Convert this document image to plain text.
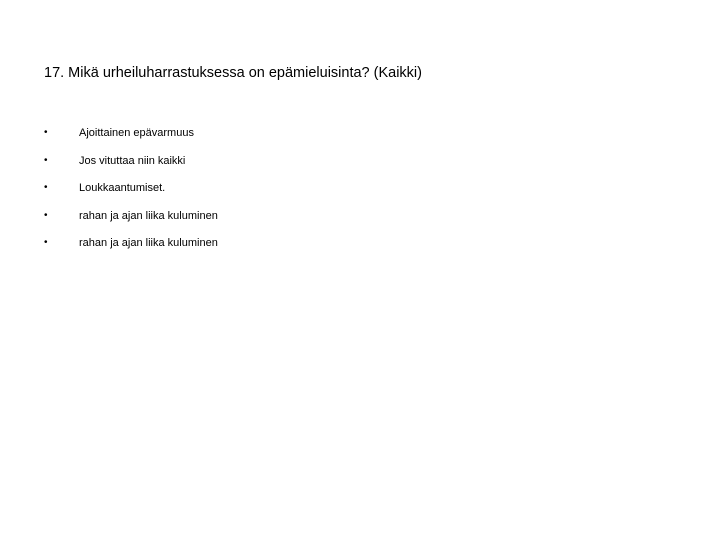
17. Mikä urheiluharrastuksessa on epämieluisinta? (Kaikki)
•	Ajoittainen epävarmuus
•	Jos vituttaa niin kaikki
•	Loukkaantumiset.
•	rahan ja ajan liika kuluminen
•	rahan ja ajan liika kuluminen
